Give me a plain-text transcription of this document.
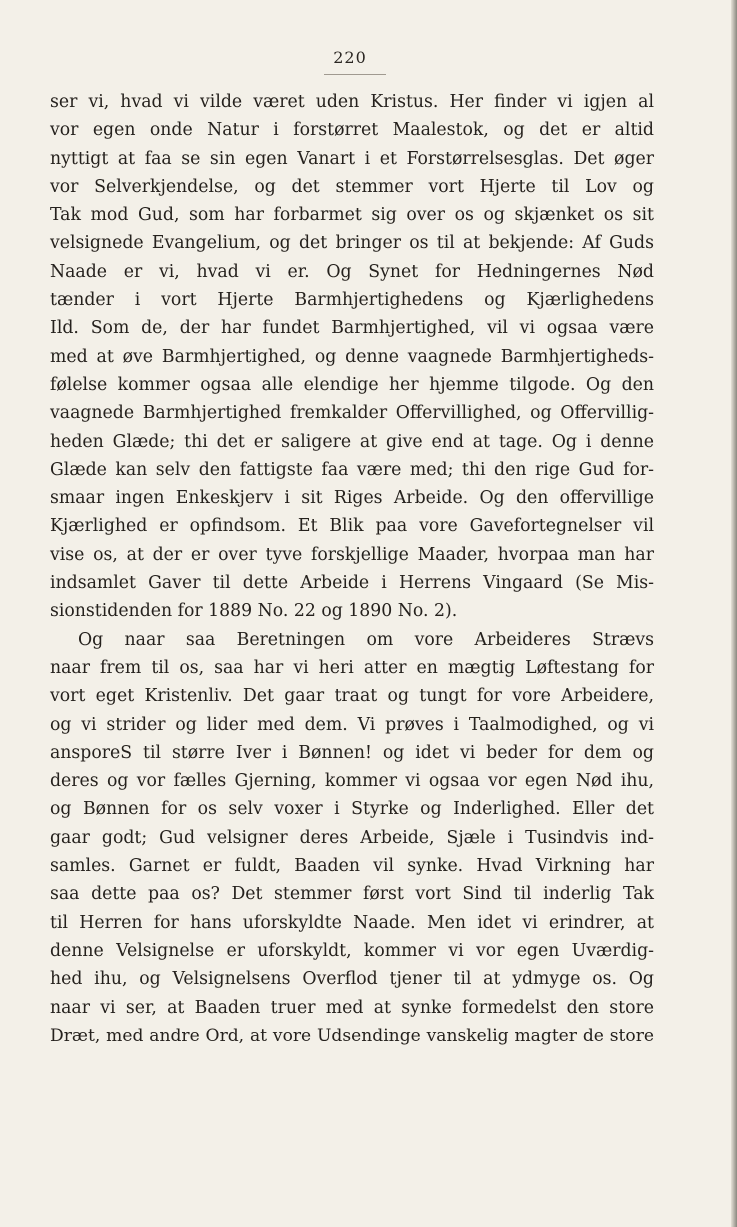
220
ser vi, hvad vi vilde været uden Kristus. Her finder vi igjen al
vor egen onde Natur i forstørret Maalestok, og det er altid
nyttigt at faa se sin egen Vanart i et Forstørrelsesglas. Det øger
vor Selverkjendelse, og det stemmer vort Hjerte til Lov og
Tak mod Gud, som har forbarmet sig over os og skjænket os sit
velsignede Evangelium, og det bringer os til at bekjende: Af Guds
Naade er vi, hvad vi er. Og Synet for Hedningernes Nød
tænder i vort Hjerte Barmhjertighedens og Kjærlighedens
Ild. Som de, der har fundet Barmhjertighed, vil vi ogsaa være
med at øve Barmhjertighed, og denne vaagnede Barmhjertigheds-
følelse kommer ogsaa alle elendige her hjemme tilgode. Og den
vaagnede Barmhjertighed fremkalder Offervillighed, og Offervillig-
heden Glæde; thi det er saligere at give end at tage. Og i denne
Glæde kan selv den fattigste faa være med; thi den rige Gud for-
smaar ingen Enkeskjerv i sit Riges Arbeide. Og den offervillige
Kjærlighed er opfindsom. Et Blik paa vore Gavefortegnelser vil
vise os, at der er over tyve forskjellige Maader, hvorpaa man har
indsamlet Gaver til dette Arbeide i Herrens Vingaard (Se Mis-
sionstidenden for 1889 No. 22 og 1890 No. 2).
Og naar saa Beretningen om vore Arbeideres Strævs
naar frem til os, saa har vi heri atter en mægtig Løftestang for
vort eget Kristenliv. Det gaar traat og tungt for vore Arbeidere,
og vi strider og lider med dem. Vi prøves i Taalmodighed, og vi
ansporeS til større Iver i Bønnen! og idet vi beder for dem og
deres og vor fælles Gjerning, kommer vi ogsaa vor egen Nød ihu,
og Bønnen for os selv voxer i Styrke og Inderlighed. Eller det
gaar godt; Gud velsigner deres Arbeide, Sjæle i Tusindvis ind-
samles. Garnet er fuldt, Baaden vil synke. Hvad Virkning har
saa dette paa os? Det stemmer først vort Sind til inderlig Tak
til Herren for hans uforskyldte Naade. Men idet vi erindrer, at
denne Velsignelse er uforskyldt, kommer vi vor egen Uværdig-
hed ihu, og Velsignelsens Overflod tjener til at ydmyge os. Og
naar vi ser, at Baaden truer med at synke formedelst den store
Dræt, med andre Ord, at vore Udsendinge vanskelig magter de store
